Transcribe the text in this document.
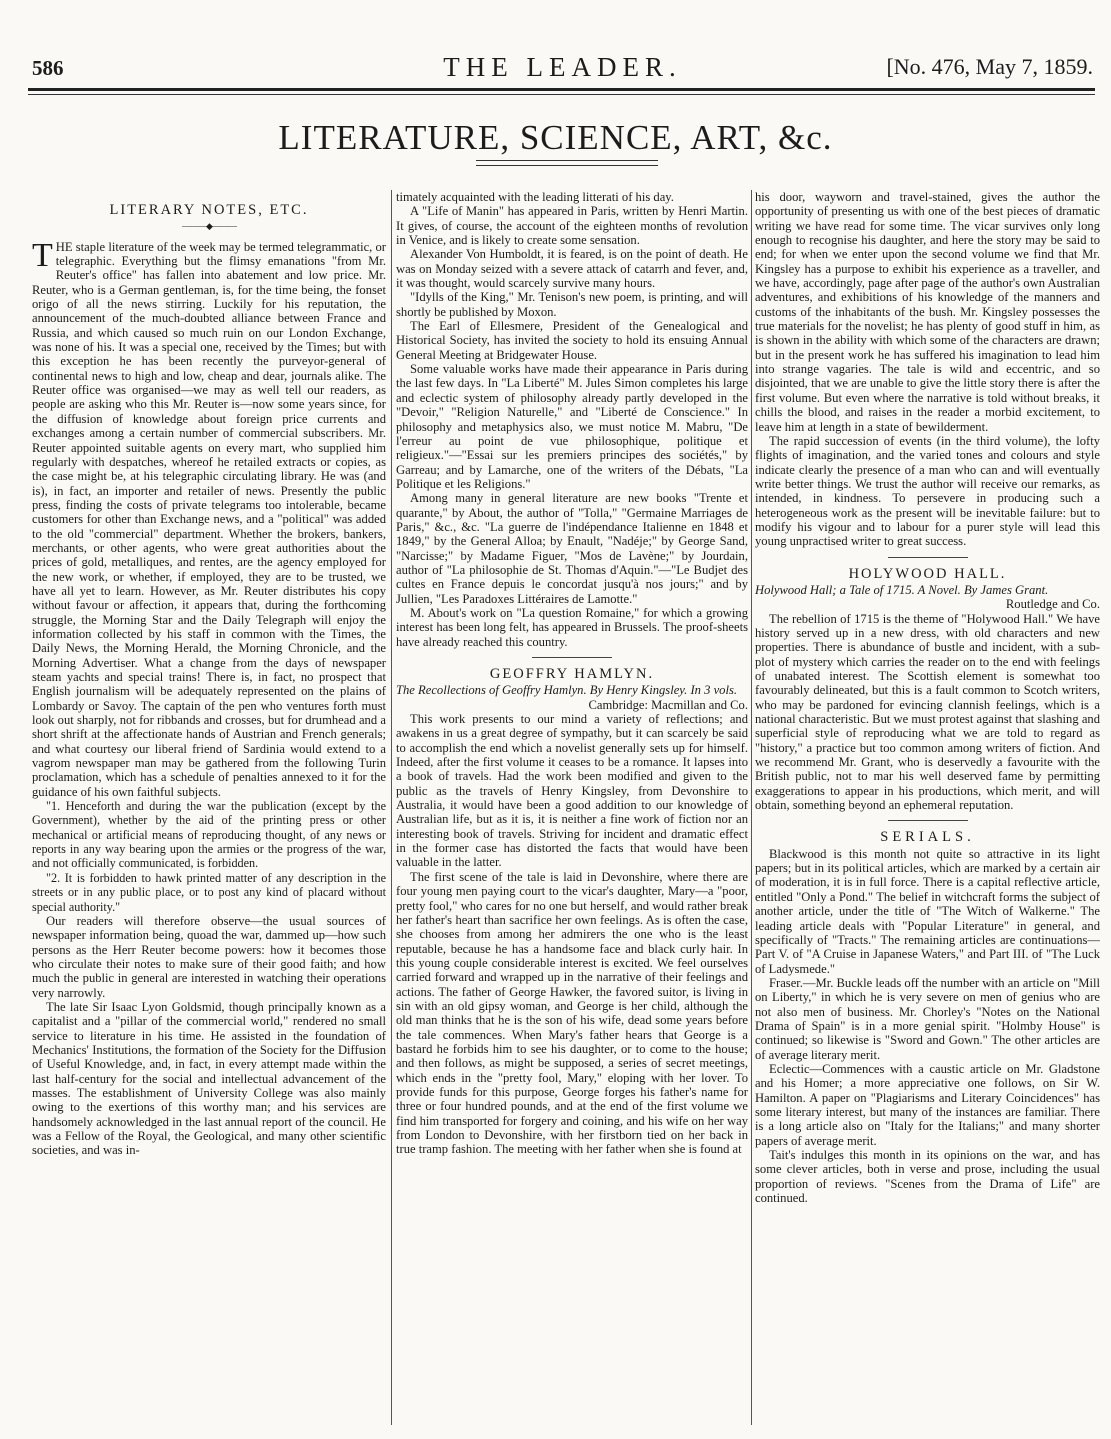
586	THE LEADER.	[No. 476, May 7, 1859.
LITERATURE, SCIENCE, ART, &c.
LITERARY NOTES, ETC.
———◆———

THE staple literature of the week may be termed telegrammatic, or telegraphic. Everything but the flimsy emanations "from Mr. Reuter's office" has fallen into abatement and low price. Mr. Reuter, who is a German gentleman, is, for the time being, the fonset origo of all the news stirring. Luckily for his reputation, the announcement of the much-doubted alliance between France and Russia, and which caused so much ruin on our London Exchange, was none of his. It was a special one, received by the Times; but with this exception he has been recently the purveyor-general of continental news to high and low, cheap and dear, journals alike. The Reuter office was organised—we may as well tell our readers, as people are asking who this Mr. Reuter is—now some years since, for the diffusion of knowledge about foreign price currents and exchanges among a certain number of commercial subscribers. Mr. Reuter appointed suitable agents on every mart, who supplied him regularly with despatches, whereof he retailed extracts or copies, as the case might be, at his telegraphic circulating library. He was (and is), in fact, an importer and retailer of news. Presently the public press, finding the costs of private telegrams too intolerable, became customers for other than Exchange news, and a "political" was added to the old "commercial" department. Whether the brokers, bankers, merchants, or other agents, who were great authorities about the prices of gold, metalliques, and rentes, are the agency employed for the new work, or whether, if employed, they are to be trusted, we have all yet to learn. However, as Mr. Reuter distributes his copy without favour or affection, it appears that, during the forthcoming struggle, the Morning Star and the Daily Telegraph will enjoy the information collected by his staff in common with the Times, the Daily News, the Morning Herald, the Morning Chronicle, and the Morning Advertiser. What a change from the days of newspaper steam yachts and special trains! There is, in fact, no prospect that English journalism will be adequately represented on the plains of Lombardy or Savoy. The captain of the pen who ventures forth must look out sharply, not for ribbands and crosses, but for drumhead and a short shrift at the affectionate hands of Austrian and French generals; and what courtesy our liberal friend of Sardinia would extend to a vagrom newspaper man may be gathered from the following Turin proclamation, which has a schedule of penalties annexed to it for the guidance of his own faithful subjects.

"1. Henceforth and during the war the publication (except by the Government), whether by the aid of the printing press or other mechanical or artificial means of reproducing thought, of any news or reports in any way bearing upon the armies or the progress of the war, and not officially communicated, is forbidden.

"2. It is forbidden to hawk printed matter of any description in the streets or in any public place, or to post any kind of placard without special authority."

Our readers will therefore observe—the usual sources of newspaper information being, quoad the war, dammed up—how such persons as the Herr Reuter become powers: how it becomes those who circulate their notes to make sure of their good faith; and how much the public in general are interested in watching their operations very narrowly.

The late Sir Isaac Lyon Goldsmid, though principally known as a capitalist and a "pillar of the commercial world," rendered no small service to literature in his time. He assisted in the foundation of Mechanics' Institutions, the formation of the Society for the Diffusion of Useful Knowledge, and, in fact, in every attempt made within the last half-century for the social and intellectual advancement of the masses. The establishment of University College was also mainly owing to the exertions of this worthy man; and his services are handsomely acknowledged in the last annual report of the council. He was a Fellow of the Royal, the Geological, and many other scientific societies, and was in-

timately acquainted with the leading litterati of his day.

A "Life of Manin" has appeared in Paris, written by Henri Martin. It gives, of course, the account of the eighteen months of revolution in Venice, and is likely to create some sensation.

Alexander Von Humboldt, it is feared, is on the point of death. He was on Monday seized with a severe attack of catarrh and fever, and, it was thought, would scarcely survive many hours.

"Idylls of the King," Mr. Tenison's new poem, is printing, and will shortly be published by Moxon.

The Earl of Ellesmere, President of the Genealogical and Historical Society, has invited the society to hold its ensuing Annual General Meeting at Bridgewater House.

Some valuable works have made their appearance in Paris during the last few days. In "La Liberté" M. Jules Simon completes his large and eclectic system of philosophy already partly developed in the "Devoir," "Religion Naturelle," and "Liberté de Conscience." In philosophy and metaphysics also, we must notice M. Mabru, "De l'erreur au point de vue philosophique, politique et religieux."—"Essai sur les premiers principes des sociétés," by Garreau; and by Lamarche, one of the writers of the Débats, "La Politique et les Religions."

Among many in general literature are new books "Trente et quarante," by About, the author of "Tolla," "Germaine Marriages de Paris," &c., &c. "La guerre de l'indépendance Italienne en 1848 et 1849," by the General Alloa; by Enault, "Nadéje;" by George Sand, "Narcisse;" by Madame Figuer, "Mos de Lavène;" by Jourdain, author of "La philosophie de St. Thomas d'Aquin."—"Le Budjet des cultes en France depuis le concordat jusqu'à nos jours;" and by Jullien, "Les Paradoxes Littéraires de Lamotte."

M. About's work on "La question Romaine," for which a growing interest has been long felt, has appeared in Brussels. The proof-sheets have already reached this country.

GEOFFRY HAMLYN.

The Recollections of Geoffry Hamlyn. By Henry Kingsley. In 3 vols.

Cambridge: Macmillan and Co.

This work presents to our mind a variety of reflections; and awakens in us a great degree of sympathy, but it can scarcely be said to accomplish the end which a novelist generally sets up for himself. Indeed, after the first volume it ceases to be a romance. It lapses into a book of travels. Had the work been modified and given to the public as the travels of Henry Kingsley, from Devonshire to Australia, it would have been a good addition to our knowledge of Australian life, but as it is, it is neither a fine work of fiction nor an interesting book of travels. Striving for incident and dramatic effect in the former case has distorted the facts that would have been valuable in the latter.

The first scene of the tale is laid in Devonshire, where there are four young men paying court to the vicar's daughter, Mary—a "poor, pretty fool," who cares for no one but herself, and would rather break her father's heart than sacrifice her own feelings. As is often the case, she chooses from among her admirers the one who is the least reputable, because he has a handsome face and black curly hair. In this young couple considerable interest is excited. We feel ourselves carried forward and wrapped up in the narrative of their feelings and actions. The father of George Hawker, the favored suitor, is living in sin with an old gipsy woman, and George is her child, although the old man thinks that he is the son of his wife, dead some years before the tale commences. When Mary's father hears that George is a bastard he forbids him to see his daughter, or to come to the house; and then follows, as might be supposed, a series of secret meetings, which ends in the "pretty fool, Mary," eloping with her lover. To provide funds for this purpose, George forges his father's name for three or four hundred pounds, and at the end of the first volume we find him transported for forgery and coining, and his wife on her way from London to Devonshire, with her firstborn tied on her back in true tramp fashion. The meeting with her father when she is found at

his door, wayworn and travel-stained, gives the author the opportunity of presenting us with one of the best pieces of dramatic writing we have read for some time. The vicar survives only long enough to recognise his daughter, and here the story may be said to end; for when we enter upon the second volume we find that Mr. Kingsley has a purpose to exhibit his experience as a traveller, and we have, accordingly, page after page of the author's own Australian adventures, and exhibitions of his knowledge of the manners and customs of the inhabitants of the bush. Mr. Kingsley possesses the true materials for the novelist; he has plenty of good stuff in him, as is shown in the ability with which some of the characters are drawn; but in the present work he has suffered his imagination to lead him into strange vagaries. The tale is wild and eccentric, and so disjointed, that we are unable to give the little story there is after the first volume. But even where the narrative is told without breaks, it chills the blood, and raises in the reader a morbid excitement, to leave him at length in a state of bewilderment.

The rapid succession of events (in the third volume), the lofty flights of imagination, and the varied tones and colours and style indicate clearly the presence of a man who can and will eventually write better things. We trust the author will receive our remarks, as intended, in kindness. To persevere in producing such a heterogeneous work as the present will be inevitable failure: but to modify his vigour and to labour for a purer style will lead this young unpractised writer to great success.

HOLYWOOD HALL.

Holywood Hall; a Tale of 1715. A Novel. By James Grant.

Routledge and Co.

The rebellion of 1715 is the theme of "Holywood Hall." We have history served up in a new dress, with old characters and new properties. There is abundance of bustle and incident, with a sub-plot of mystery which carries the reader on to the end with feelings of unabated interest. The Scottish element is somewhat too favourably delineated, but this is a fault common to Scotch writers, who may be pardoned for evincing clannish feelings, which is a national characteristic. But we must protest against that slashing and superficial style of reproducing what we are told to regard as "history," a practice but too common among writers of fiction. And we recommend Mr. Grant, who is deservedly a favourite with the British public, not to mar his well deserved fame by permitting exaggerations to appear in his productions, which merit, and will obtain, something beyond an ephemeral reputation.

SERIALS.

Blackwood is this month not quite so attractive in its light papers; but in its political articles, which are marked by a certain air of moderation, it is in full force. There is a capital reflective article, entitled "Only a Pond." The belief in witchcraft forms the subject of another article, under the title of "The Witch of Walkerne." The leading article deals with "Popular Literature" in general, and specifically of "Tracts." The remaining articles are continuations—Part V. of "A Cruise in Japanese Waters," and Part III. of "The Luck of Ladysmede."

Fraser.—Mr. Buckle leads off the number with an article on "Mill on Liberty," in which he is very severe on men of genius who are not also men of business. Mr. Chorley's "Notes on the National Drama of Spain" is in a more genial spirit. "Holmby House" is continued; so likewise is "Sword and Gown." The other articles are of average literary merit.

Eclectic—Commences with a caustic article on Mr. Gladstone and his Homer; a more appreciative one follows, on Sir W. Hamilton. A paper on "Plagiarisms and Literary Coincidences" has some literary interest, but many of the instances are familiar. There is a long article also on "Italy for the Italians;" and many shorter papers of average merit.

Tait's indulges this month in its opinions on the war, and has some clever articles, both in verse and prose, including the usual proportion of reviews. "Scenes from the Drama of Life" are continued.
